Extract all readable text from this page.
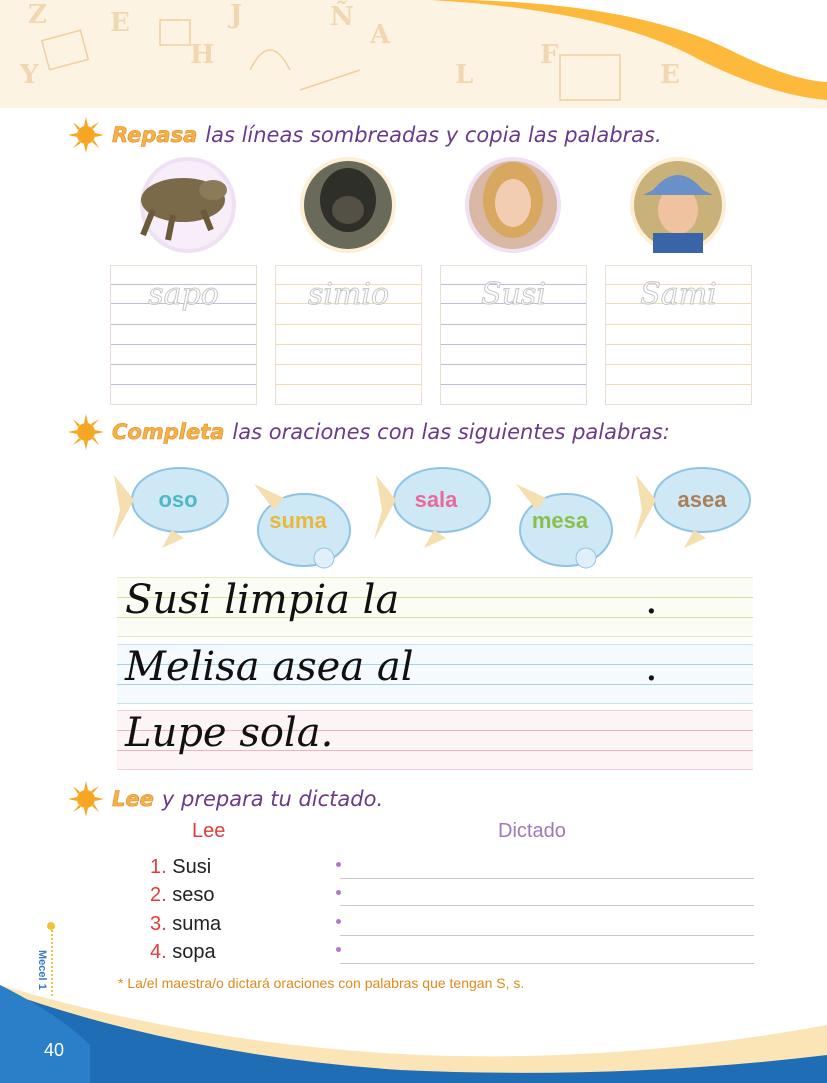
Z E
H
J	Ñ
A
L
F
E
Y
Repasa las líneas sombreadas y copia las palabras.
sapo	simio	Susi	Sami
Completa las oraciones con las siguientes palabras:
oso
suma
sala
mesa
asea
Susi limpia la	.
Melisa asea al	.
Lupe sola.
Lee y prepara tu dictado.
Lee	Dictado
1. Susi
2. seso
3. suma
4. sopa
* La/el maestra/o dictará oraciones con palabras que tengan S, s.
Mecel 1
40
